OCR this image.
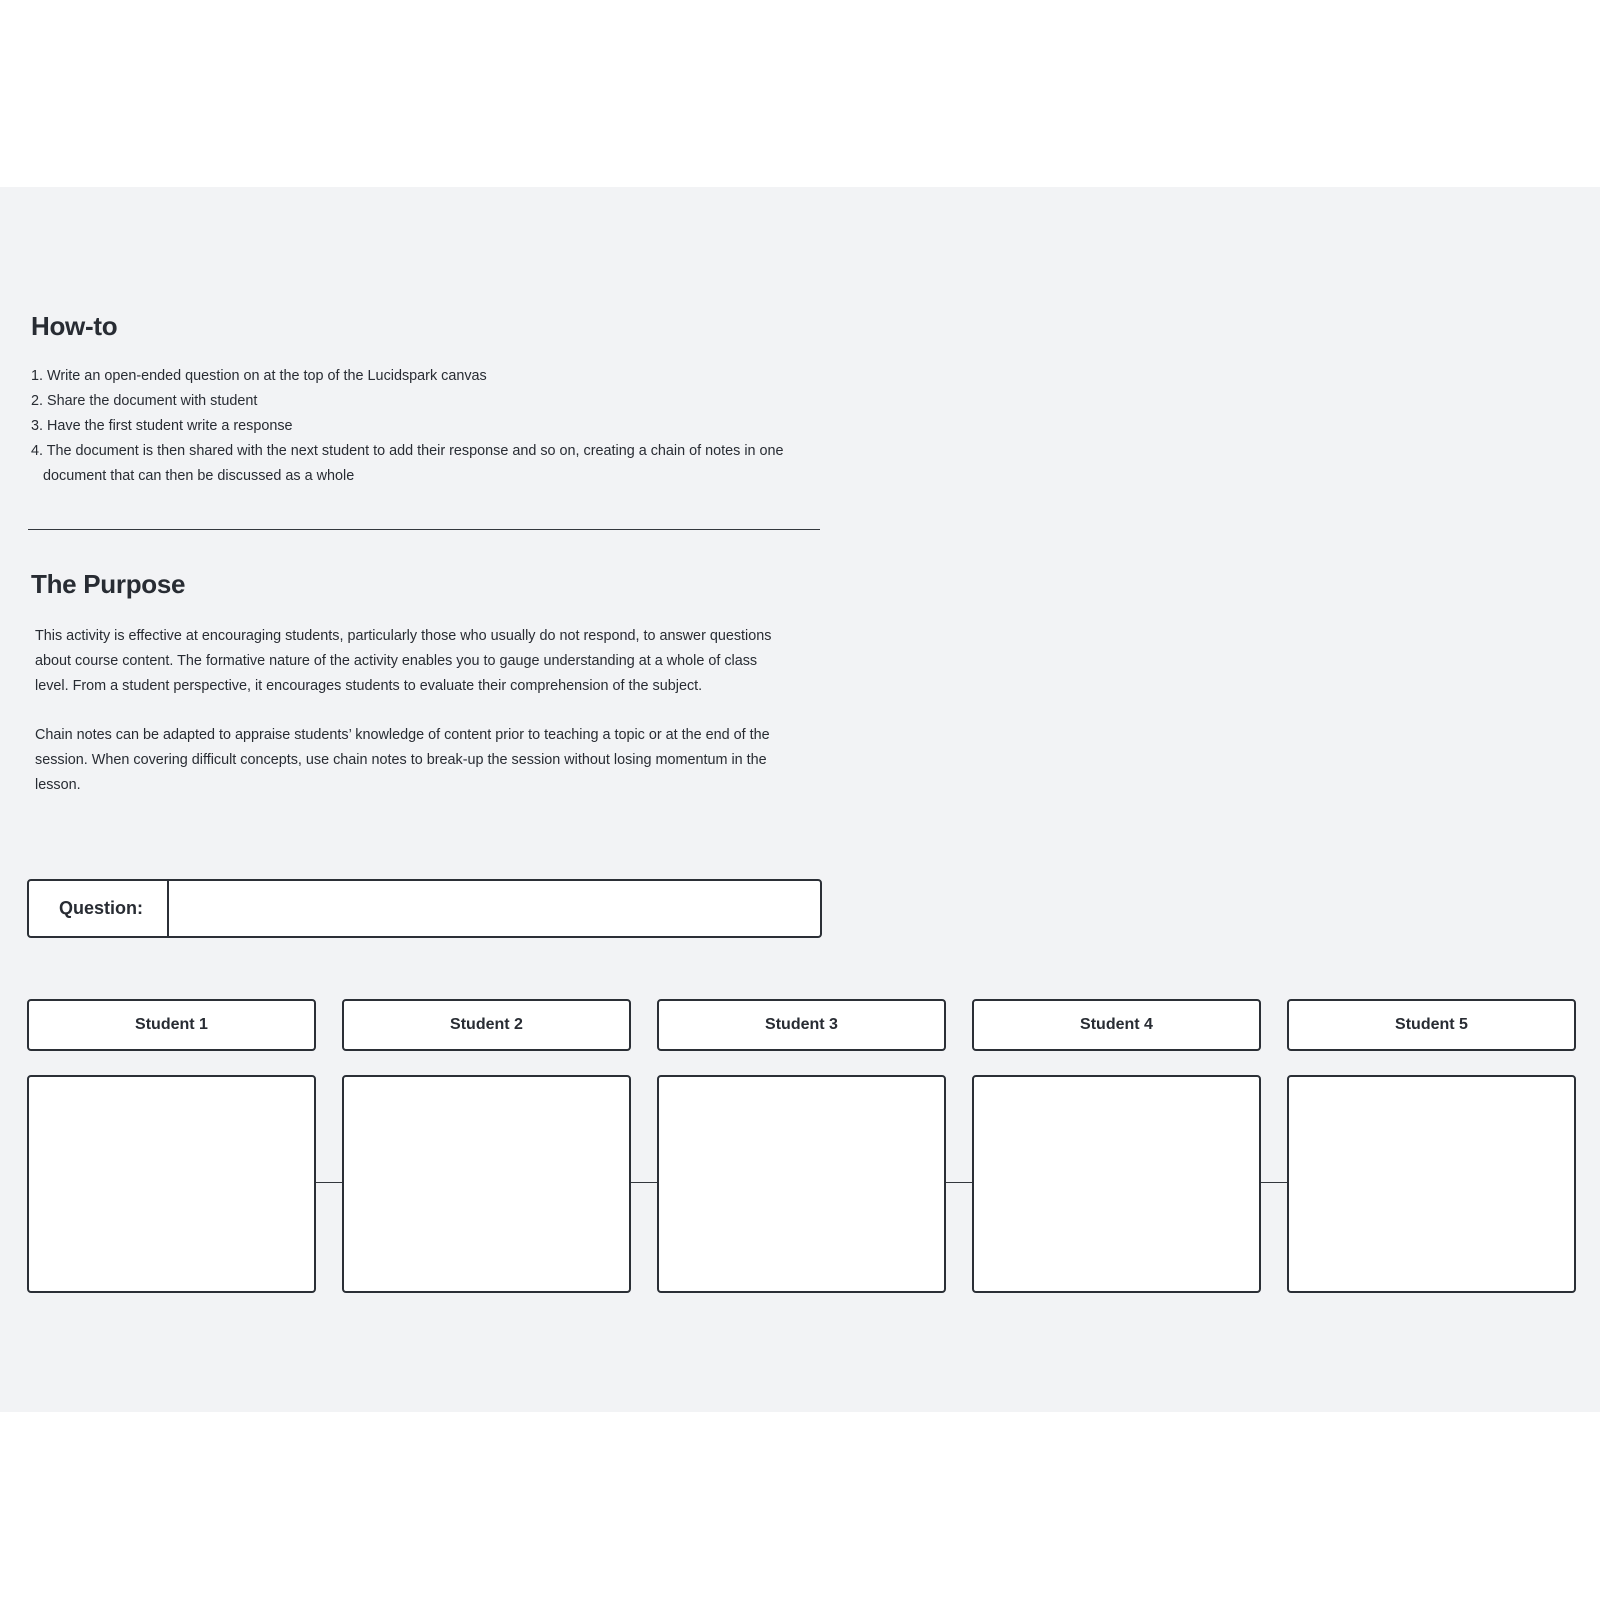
How-to
1. Write an open-ended question on at the top of the Lucidspark canvas
2. Share the document with student
3. Have the first student write a response
4. The document is then shared with the next student to add their response and so on, creating a chain of notes in one
document that can then be discussed as a whole
The Purpose
This activity is effective at encouraging students, particularly those who usually do not respond, to answer questions
about course content. The formative nature of the activity enables you to gauge understanding at a whole of class
level. From a student perspective, it encourages students to evaluate their comprehension of the subject.
Chain notes can be adapted to appraise students’ knowledge of content prior to teaching a topic or at the end of the
session. When covering difficult concepts, use chain notes to break-up the session without losing momentum in the
lesson.
Question:
Student 1	Student 2	Student 3	Student 4	Student 5
